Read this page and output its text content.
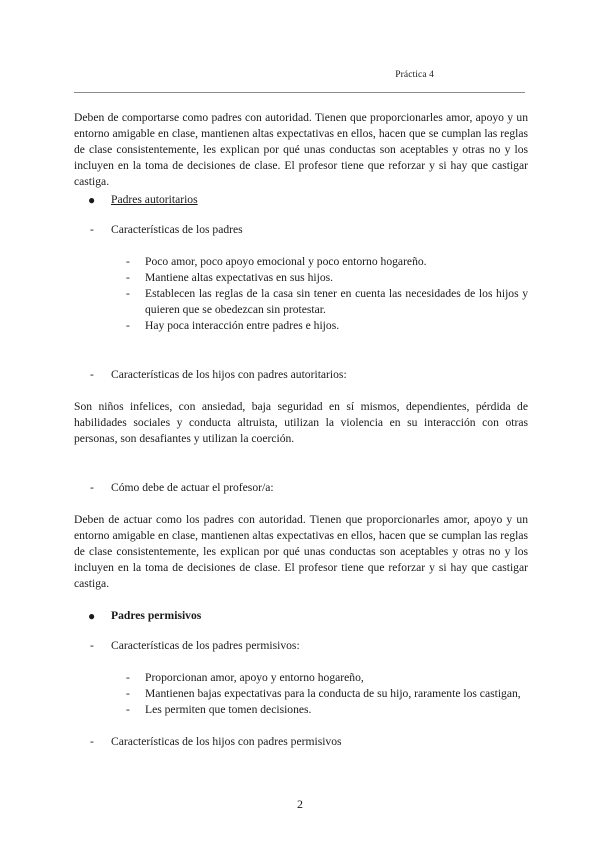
Práctica 4

Deben de comportarse como padres con autoridad. Tienen que proporcionarles amor, apoyo y un entorno amigable en clase, mantienen altas expectativas en ellos, hacen que se cumplan las reglas de clase consistentemente, les explican por qué unas conductas son aceptables y otras no y los incluyen en la toma de decisiones de clase. El profesor tiene que reforzar y si hay que castigar castiga.

● Padres autoritarios
- Características de los padres
- Poco amor, poco apoyo emocional y poco entorno hogareño.
- Mantiene altas expectativas en sus hijos.
- Establecen las reglas de la casa sin tener en cuenta las necesidades de los hijos y quieren que se obedezcan sin protestar.
- Hay poca interacción entre padres e hijos.
- Características de los hijos con padres autoritarios:

Son niños infelices, con ansiedad, baja seguridad en sí mismos, dependientes, pérdida de habilidades sociales y conducta altruista, utilizan la violencia en su interacción con otras personas, son desafiantes y utilizan la coerción.

- Cómo debe de actuar el profesor/a:

Deben de actuar como los padres con autoridad. Tienen que proporcionarles amor, apoyo y un entorno amigable en clase, mantienen altas expectativas en ellos, hacen que se cumplan las reglas de clase consistentemente, les explican por qué unas conductas son aceptables y otras no y los incluyen en la toma de decisiones de clase. El profesor tiene que reforzar y si hay que castigar castiga.

● Padres permisivos
- Características de los padres permisivos:
- Proporcionan amor, apoyo y entorno hogareño,
- Mantienen bajas expectativas para la conducta de su hijo, raramente los castigan,
- Les permiten que tomen decisiones.
- Características de los hijos con padres permisivos
2
